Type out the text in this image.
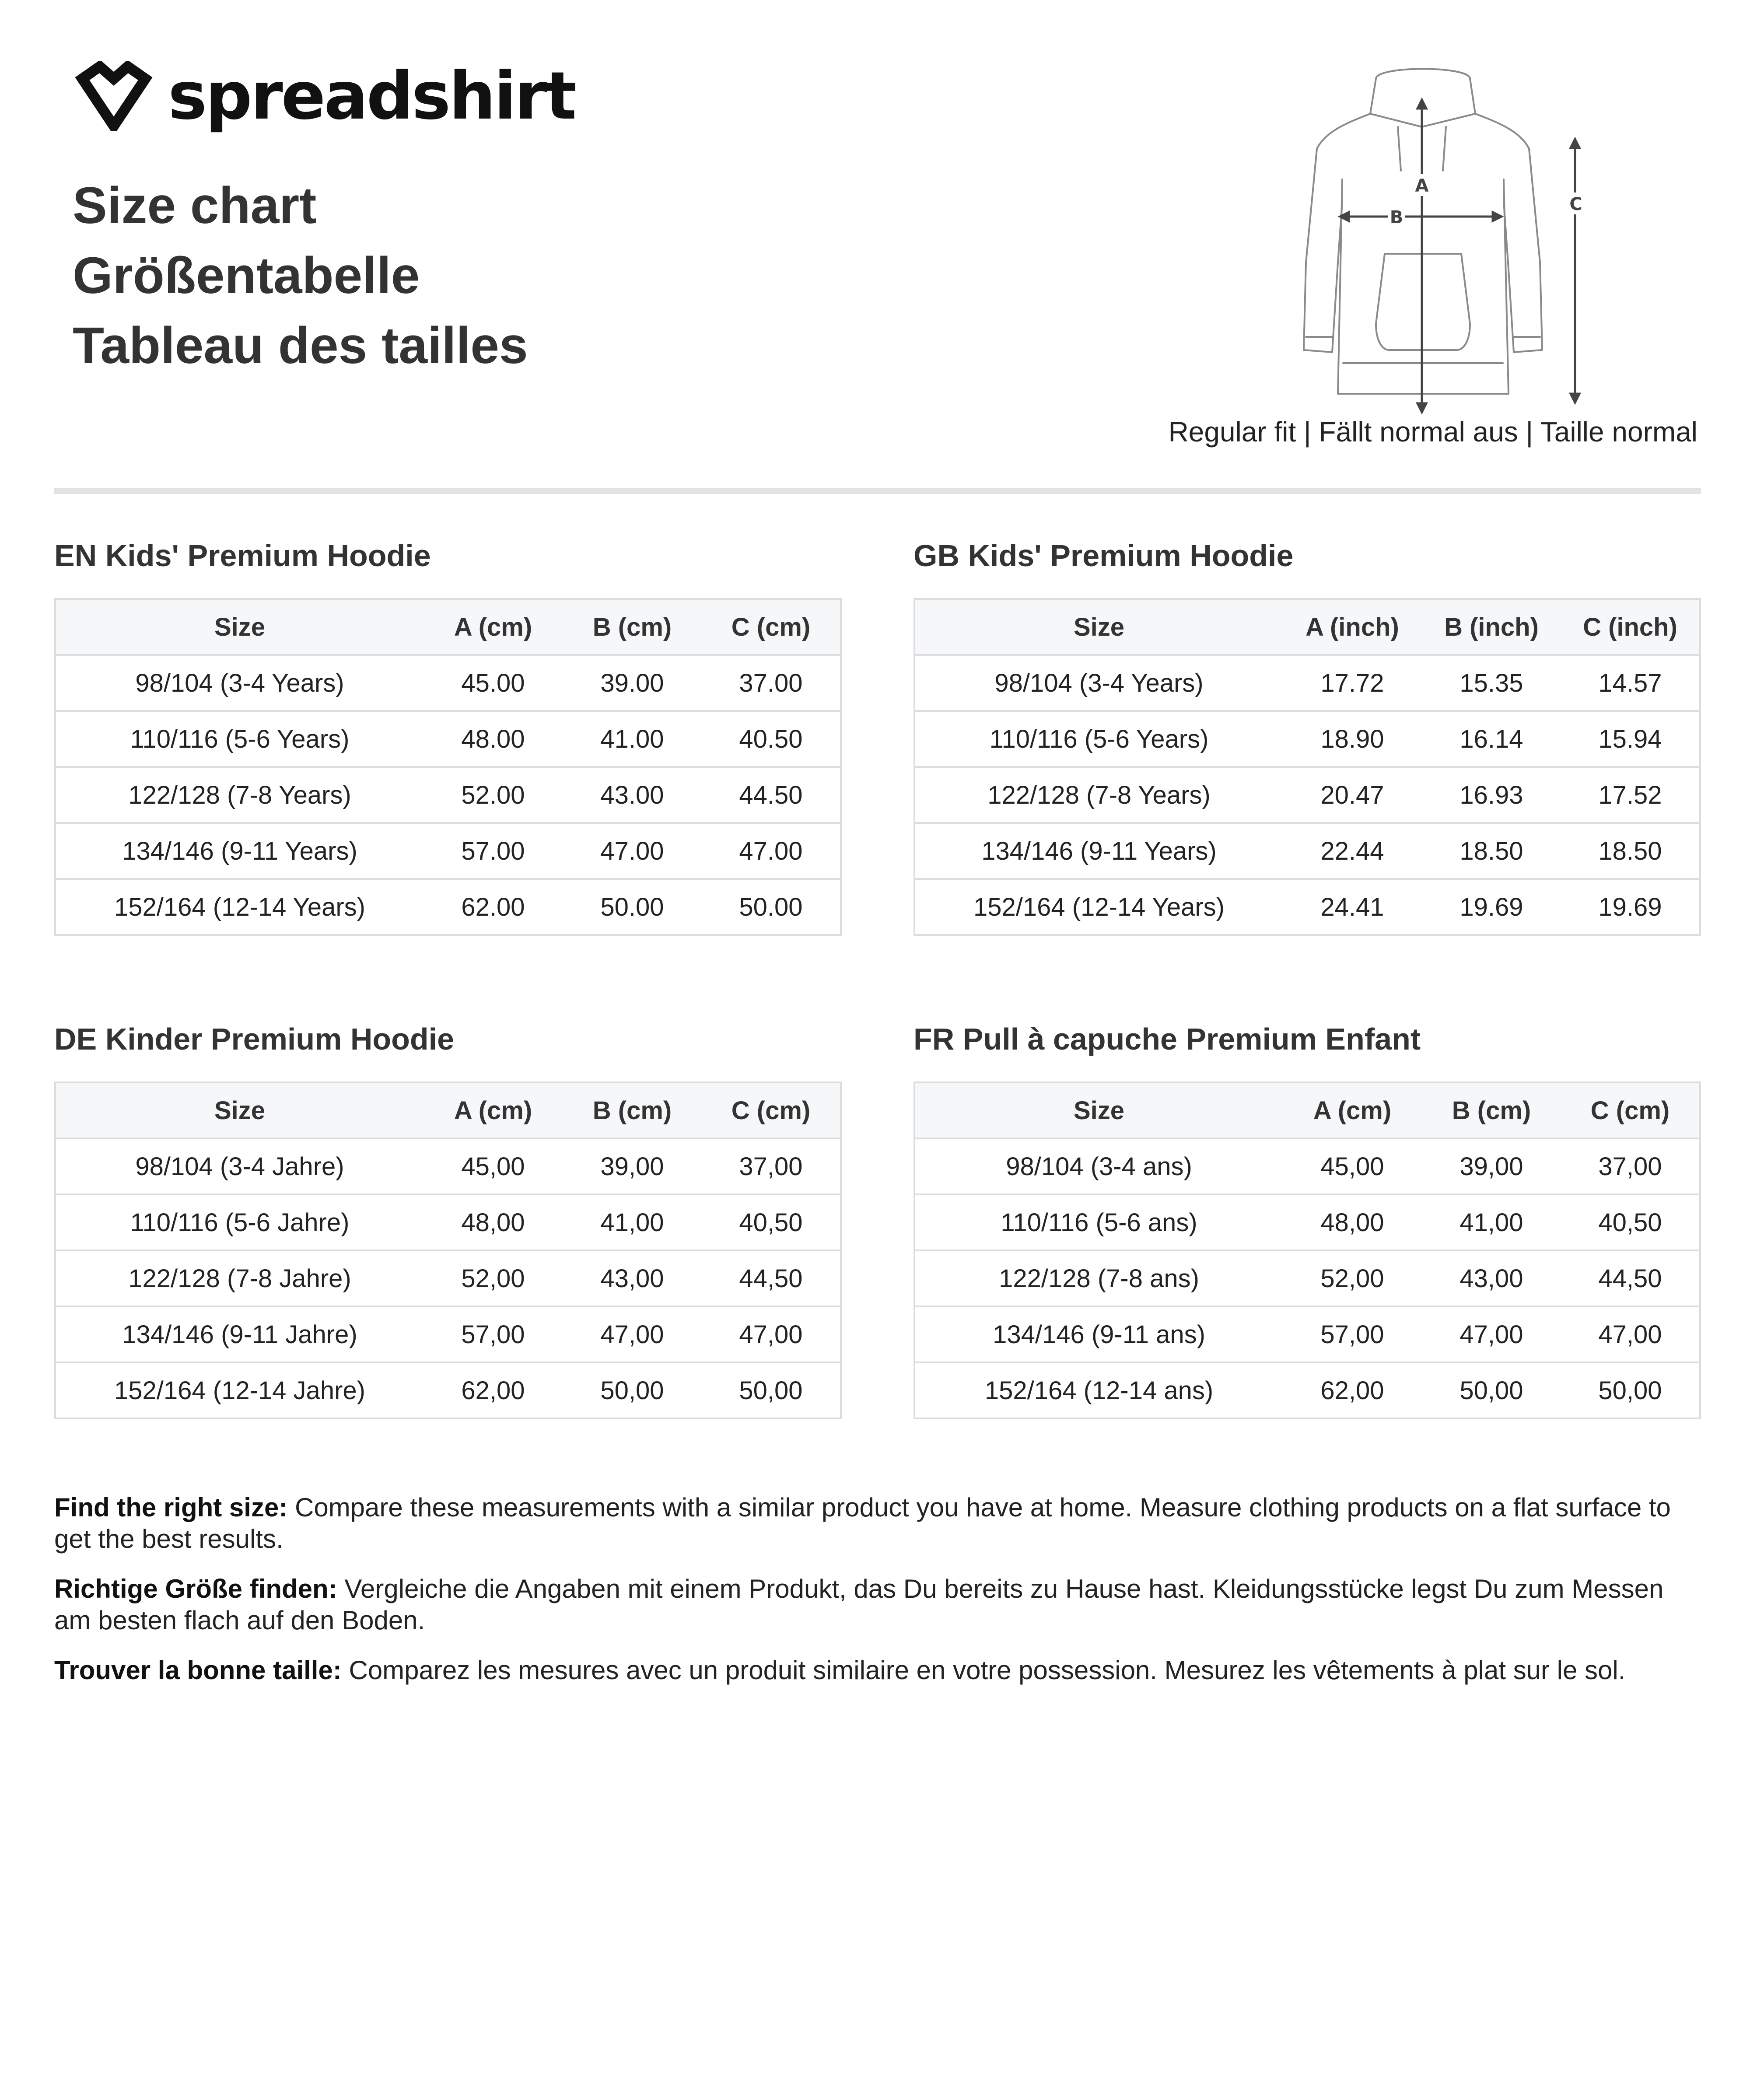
spreadshirt
Size chart
Größentabelle
Tableau des tailles
A
B
C
Regular fit | Fällt normal aus | Taille normal
EN Kids' Premium Hoodie
Size	A (cm)	B (cm)	C (cm)
98/104 (3-4 Years)	45.00	39.00	37.00
110/116 (5-6 Years)	48.00	41.00	40.50
122/128 (7-8 Years)	52.00	43.00	44.50
134/146 (9-11 Years)	57.00	47.00	47.00
152/164 (12-14 Years)	62.00	50.00	50.00
GB Kids' Premium Hoodie
Size	A (inch)	B (inch)	C (inch)
98/104 (3-4 Years)	17.72	15.35	14.57
110/116 (5-6 Years)	18.90	16.14	15.94
122/128 (7-8 Years)	20.47	16.93	17.52
134/146 (9-11 Years)	22.44	18.50	18.50
152/164 (12-14 Years)	24.41	19.69	19.69
DE Kinder Premium Hoodie
Size	A (cm)	B (cm)	C (cm)
98/104 (3-4 Jahre)	45,00	39,00	37,00
110/116 (5-6 Jahre)	48,00	41,00	40,50
122/128 (7-8 Jahre)	52,00	43,00	44,50
134/146 (9-11 Jahre)	57,00	47,00	47,00
152/164 (12-14 Jahre)	62,00	50,00	50,00
FR Pull à capuche Premium Enfant
Size	A (cm)	B (cm)	C (cm)
98/104 (3-4 ans)	45,00	39,00	37,00
110/116 (5-6 ans)	48,00	41,00	40,50
122/128 (7-8 ans)	52,00	43,00	44,50
134/146 (9-11 ans)	57,00	47,00	47,00
152/164 (12-14 ans)	62,00	50,00	50,00

Find the right size: Compare these measurements with a similar product you have at home. Measure clothing products on a flat surface to get the best results.

Richtige Größe finden: Vergleiche die Angaben mit einem Produkt, das Du bereits zu Hause hast. Kleidungsstücke legst Du zum Messen am besten flach auf den Boden.

Trouver la bonne taille: Comparez les mesures avec un produit similaire en votre possession. Mesurez les vêtements à plat sur le sol.
